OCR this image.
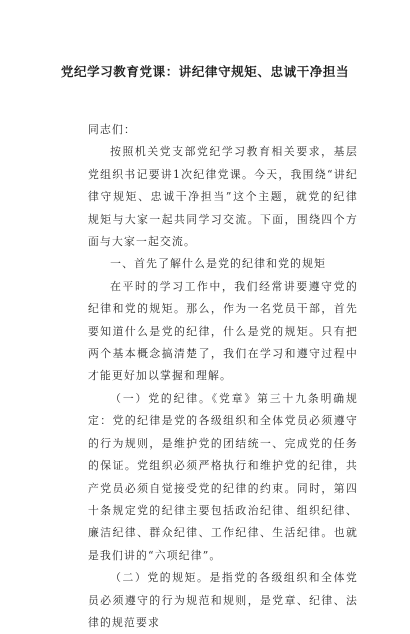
党纪学习教育党课：讲纪律守规矩、忠诚干净担当

同志们：

按照机关党支部党纪学习教育相关要求，基层党组织书记要讲1次纪律党课。今天，我围绕“讲纪律守规矩、忠诚干净担当”这个主题，就党的纪律规矩与大家一起共同学习交流。下面，围绕四个方面与大家一起交流。

一、首先了解什么是党的纪律和党的规矩

在平时的学习工作中，我们经常讲要遵守党的纪律和党的规矩。那么，作为一名党员干部，首先要知道什么是党的纪律，什么是党的规矩。只有把两个基本概念搞清楚了，我们在学习和遵守过程中才能更好加以掌握和理解。

（一）党的纪律。《党章》第三十九条明确规定：党的纪律是党的各级组织和全体党员必须遵守的行为规则，是维护党的团结统一、完成党的任务的保证。党组织必须严格执行和维护党的纪律，共产党员必须自觉接受党的纪律的约束。同时，第四十条规定党的纪律主要包括政治纪律、组织纪律、廉洁纪律、群众纪律、工作纪律、生活纪律。也就是我们讲的“六项纪律”。

（二）党的规矩。是指党的各级组织和全体党员必须遵守的行为规范和规则，是党章、纪律、法律的规范要求
